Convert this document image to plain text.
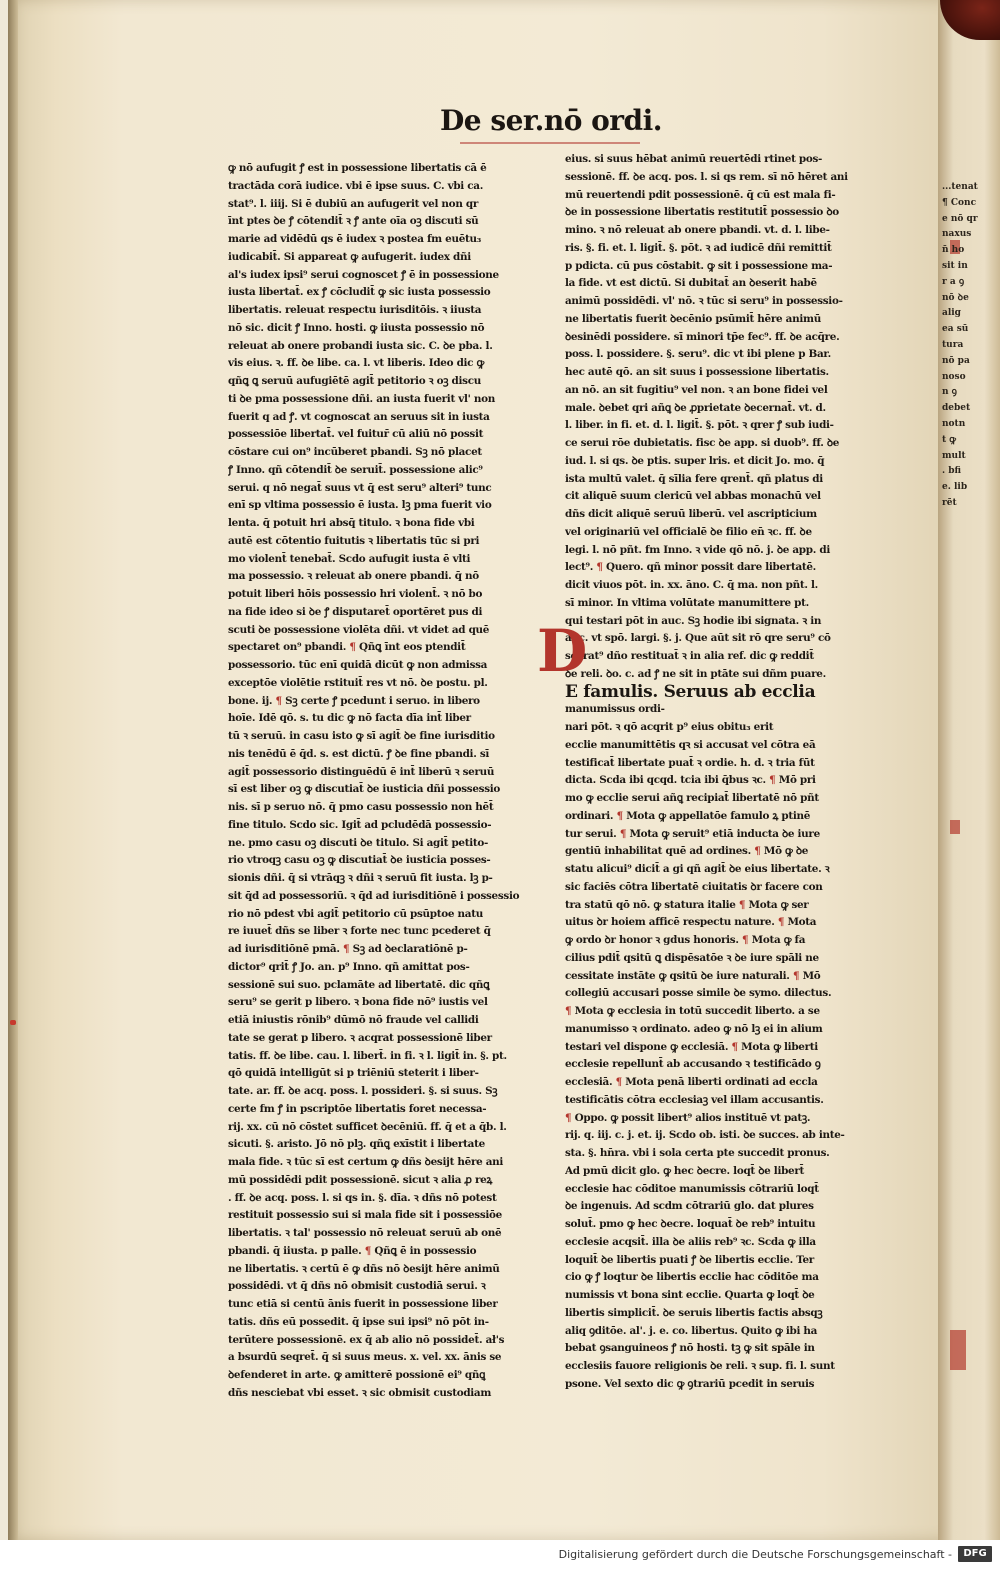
...tenat
¶ Conc
e nō qr
naxus
n̄ ho
sit in
r a ꝯ
nō ꝺe
alig
ea sū
tura
nō pa
noso
n ꝯ
debet
notn
t ꝙ
mult
. bfi
e. lib
rēt
De ser.nō ordi.
ꝙ nō aufugit ꝭ est in possessione libertatis cā ē
tractāda corā iudice. vbi ē ipse suus. C. vbi ca.
stat⁹. l. iiij. Si ē dubiū an aufugerit vel non qr
īnt ptes ꝺe ꝭ cōtendit̄ ꝛ ꝭ ante oīa oꝫ discuti sū
marie ad vidēdū qs ē iudex ꝛ postea fm euētu₃
iudicabit̄. Si appareat ꝙ aufugerit. iudex dñi
al's iudex ipsi⁹ serui cognoscet ꝭ ē in possessione
iusta libertat̄. ex ꝭ cōcludit̄ ꝙ sic iusta possessio
libertatis. releuat respectu iurisditōis. ꝛ iiusta
nō sic. dicit ꝭ Inno. hosti. ꝙ iiusta possessio nō
releuat ab onere probandi iusta sic. C. ꝺe pba. l.
vis eius. ꝛ. ff. ꝺe libe. ca. l. vt liberis. Ideo dic ꝙ
qñꝗ ꝗ seruū aufugiētē agit̄ petitorio ꝛ oꝫ discu
ti ꝺe pma possessione dñi. an iusta fuerit vl' non
fuerit q ad ꝭ. vt cognoscat an seruus sit in iusta
possessiōe libertat̄. vel fuitur̄ cū aliū nō possit
cōstare cui on⁹ incūberet pbandi. Sꝫ nō placet
ꝭ Inno. qñ cōtendit̄ ꝺe seruit̄. possessione alic⁹
serui. q nō negat̄ suus vt q̄ est seru⁹ alteri⁹ tunc
enī sp vltima possessio ē iusta. lꝫ pma fuerit vio
lenta. q̄ potuit hri absq̄ titulo. ꝛ bona fide vbi
autē est cōtentio fuitutis ꝛ libertatis tūc si pri
mo violent̄ tenebat̄. Scdo aufugit iusta ē vlti
ma possessio. ꝛ releuat ab onere pbandi. q̄ nō
potuit liberi hōis possessio hri violent̄. ꝛ nō bo
na fide ideo si ꝺe ꝭ disputaret̄ oportēret pus di
scuti ꝺe possessione violēta dñi. vt videt ad quē
spectaret on⁹ pbandi. ¶ Qñꝗ īnt eos ptendit̄
possessorio. tūc enī quidā dicūt ꝙ non admissa
exceptōe violētie rstituit̄ res vt nō. ꝺe postu. pl.
bone. ij. ¶ Sꝫ certe ꝭ pcedunt i seruo. in libero
hoīe. Idē qō. s. tu dic ꝙ nō facta dīa int̄ liber
tū ꝛ seruū. in casu isto ꝙ sī agit̄ ꝺe fine iurisditio
nis tenēdū ē q̄d. s. est dictū. ꝭ ꝺe fine pbandi. sī
agit̄ possessorio distinguēdū ē int̄ liberū ꝛ seruū
sī est liber oꝫ ꝙ discutiat̄ ꝺe iusticia dñi possessio
nis. sī p seruo nō. q̄ pmo casu possessio non hēt̄
fine titulo. Scdo sic. Igit̄ ad pcludēdā possessio-
ne. pmo casu oꝫ discuti ꝺe titulo. Si agit̄ petito-
rio vtroqꝫ casu oꝫ ꝙ discutiat̄ ꝺe iusticia posses-
sionis dñi. q̄ si vtrāqꝫ ꝛ dñi ꝛ seruū fit iusta. lꝫ p-
sit q̄d ad possessoriū. ꝛ q̄d ad iurisditiōnē i possessio
rio nō pdest vbi agit̄ petitorio cū psūptoe natu
re iuuet̄ dñs se liber ꝛ forte nec tunc pcederet q̄
ad iurisditiōnē pmā. ¶ Sꝫ ad ꝺeclaratiōnē p-
dictor⁹ qrit̄ ꝭ Jo. an. p⁹ Inno. qñ amittat pos-
sessionē sui suo. pclamāte ad libertatē. dic qñꝗ
seru⁹ se gerit p libero. ꝛ bona fide nō⁹ iustis vel
etiā iniustis rōnib⁹ dūmō nō fraude vel callidi
tate se gerat p libero. ꝛ acqrat possessionē liber
tatis. ff. ꝺe libe. cau. l. libert̄. in fi. ꝛ l. ligit̄ in. §. pt.
qō quidā intelligūt si p triēniū steterit i liber-
tate. ar. ff. ꝺe acq. poss. l. possideri. §. si suus. Sꝫ
certe fm ꝭ in pscriptōe libertatis foret necessa-
rij. xx. cū nō cōstet sufficet ꝺecēniū. ff. q̄ et a q̄b. l.
sicuti. §. aristo. Jō nō plꝫ. qñꝗ exīstit i libertate
mala fide. ꝛ tūc sī est certum ꝙ dñs ꝺesijt hēre ani
mū possidēdi pdit possessionē. sicut ꝛ alia ꝓ reꝝ
. ff. ꝺe acq. poss. l. si qs in. §. dīa. ꝛ dñs nō potest
restituit possessio sui si mala fide sit i possessiōe
libertatis. ꝛ tal' possessio nō releuat seruū ab onē
pbandi. q̄ iiusta. p palle. ¶ Qñꝗ ē in possessio
ne libertatis. ꝛ certū ē ꝙ dñs nō ꝺesijt hēre animū
possidēdi. vt q̄ dñs nō obmisit custodiā serui. ꝛ
tunc etiā si centū ānis fuerit in possessione liber
tatis. dñs eū possedit. q̄ ipse sui ipsi⁹ nō pōt in-
terūtere possessionē. ex q̄ ab alio nō possidet̄. ał's
a bsurdū seqret̄. q̄ si suus meus. x. vel. xx. ānis se
ꝺefenderet in arte. ꝙ amitterē possionē ei⁹ qñꝗ
dñs nesciebat vbi esset. ꝛ sic obmisit custodiam
eius. si suus hēbat animū reuertēdi rtinet pos-
sessionē. ff. ꝺe acq. pos. l. si qs rem. sī nō hēret ani
mū reuertendi pdit possessionē. q̄ cū est mala fi-
ꝺe in possessione libertatis restitutit̄ possessio ꝺo
mino. ꝛ nō releuat ab onere pbandi. vt. d. l. libe-
ris. §. fi. et. l. ligit̄. §. pōt. ꝛ ad iudicē dñi remittit̄
p pdicta. cū pus cōstabit. ꝙ sit i possessione ma-
la fide. vt est dictū. Si dubitat̄ an ꝺeserit habē
animū possidēdi. vl' nō. ꝛ tūc si seru⁹ in possessio-
ne libertatis fuerit ꝺecēnio psūmit̄ hēre animū
ꝺesinēdi possidere. sī minori tp̄e fec⁹. ff. ꝺe acq̄re.
poss. l. possidere. §. seru⁹. dic vt ibi plene p Bar.
hec autē qō. an sit suus i possessione libertatis.
an nō. an sit fugitiu⁹ vel non. ꝛ an bone fidei vel
male. ꝺebet qri añꝗ ꝺe ꝓprietate ꝺecernat̄. vt. d.
l. liber. in fi. et. d. l. ligit̄. §. pōt. ꝛ qrer ꝭ sub iudi-
ce serui rōe dubietatis. fisc ꝺe app. si duob⁹. ff. ꝺe
iud. l. si qs. ꝺe ptis. super lris. et dicit Jo. mo. q̄
ista multū valet. q̄ sīlia fere qrent̄. qñ platus di
cit aliquē suum clericū vel abbas monachū vel
dñs dicit aliquē seruū liberū. vel ascripticium
vel originariū vel officialē ꝺe filio en̄ ꝛc. ff. ꝺe
legi. l. nō pñt. fm Inno. ꝛ vide qō nō. j. ꝺe app. di
lect⁹. ¶ Quero. qñ minor possit dare libertatē.
dicit viuos pōt. in. xx. āno. C. q̄ ma. non pñt. l.
sī minor. In vltima volūtate manumittere pt.
qui testari pōt in auc. Sꝫ hodie ibi signata. ꝛ in
auc. vt spō. largi. §. j. Que aūt sit rō qre seru⁹ cō
secrat⁹ dño restituat̄ ꝛ in alia ref. dic ꝙ reddit̄
ꝺe reli. ꝺo. c. ad ꝭ ne sit in ptāte sui dñm puare.
E famulis. Seruus ab ecclia
manumissus ordi-
nari pōt. ꝛ qō acqrit p⁹ eius obitu₃ erit
ecclie manumittētis qꝛ si accusat vel cōtra eā
testificat̄ libertate puat̄ ꝛ ordie. h. d. ꝛ tria fūt
dicta. Scda ibi qcqd. tcia ibi q̄bus ꝛc. ¶ Mō pri
mo ꝙ ecclie serui añꝗ recipiat̄ libertatē nō pñt
ordinari. ¶ Mota ꝙ appellatōe famulo ꝝ ptinē
tur serui. ¶ Mota ꝙ seruit⁹ etiā inducta ꝺe iure
gentiū inhabilitat quē ad ordines. ¶ Mō ꝙ ꝺe
statu alicui⁹ dicit̄ a gi qñ agit̄ ꝺe eius libertate. ꝛ
sic faciēs cōtra libertatē ciuitatis ꝺr facere con
tra statū qō nō. ꝙ statura italie ¶ Mota ꝙ ser
uitus ꝺr hoiem afficē respectu nature. ¶ Mota
ꝙ ordo ꝺr honor ꝛ gdus honoris. ¶ Mota ꝙ fa
cilius pdit̄ qsitū ꝗ dispēsatōe ꝛ ꝺe iure spāli ne
cessitate instāte ꝙ qsitū ꝺe iure naturali. ¶ Mō
collegiū accusari posse simile ꝺe symo. dilectus.
¶ Mota ꝙ ecclesia in totū succedit liberto. a se
manumisso ꝛ ordinato. adeo ꝙ nō lꝫ ei in alium
testari vel dispone ꝙ ecclesiā. ¶ Mota ꝙ liberti
ecclesie repellunt̄ ab accusando ꝛ testificādo ꝯ
ecclesiā. ¶ Mota penā liberti ordinati ad eccla
testificātis cōtra ecclesiaꝫ vel illam accusantis.
¶ Oppo. ꝙ possit libert⁹ alios instituē vt patꝫ.
rij. q. iij. c. j. et. ij. Scdo ob. isti. ꝺe succes. ab inte-
sta. §. hn̄ra. vbi i sola certa pte succedit pronus.
Ad pmū dicit glo. ꝙ hec ꝺecre. loqt̄ ꝺe libert̄
ecclesie hac cōditoe manumissis cōtrariū loqt̄
ꝺe ingenuis. Ad scdm cōtrariū glo. dat plures
solut̄. pmo ꝙ hec ꝺecre. loquat̄ ꝺe reb⁹ intuitu
ecclesie acqsit̄. illa ꝺe aliis reb⁹ ꝛc. Scda ꝙ illa
loquit̄ ꝺe libertis puati ꝭ ꝺe libertis ecclie. Ter
cio ꝙ ꝭ loqtur ꝺe libertis ecclie hac cōditōe ma
numissis vt bona sint ecclie. Quarta ꝙ loqt̄ ꝺe
libertis simplicit̄. ꝺe seruis libertis factis absqꝫ
aliq ꝯditōe. al'. j. e. co. libertus. Quito ꝙ ibi ha
bebat ꝯsanguineos ꝭ nō hosti. tꝫ ꝙ sit spāle in
ecclesiis fauore religionis ꝺe reli. ꝛ sup. fi. l. sunt
psone. Vel sexto dic ꝙ ꝯtrariū pcedit in seruis
D
Digitalisierung gefördert durch die Deutsche Forschungsgemeinschaft -	DFG
